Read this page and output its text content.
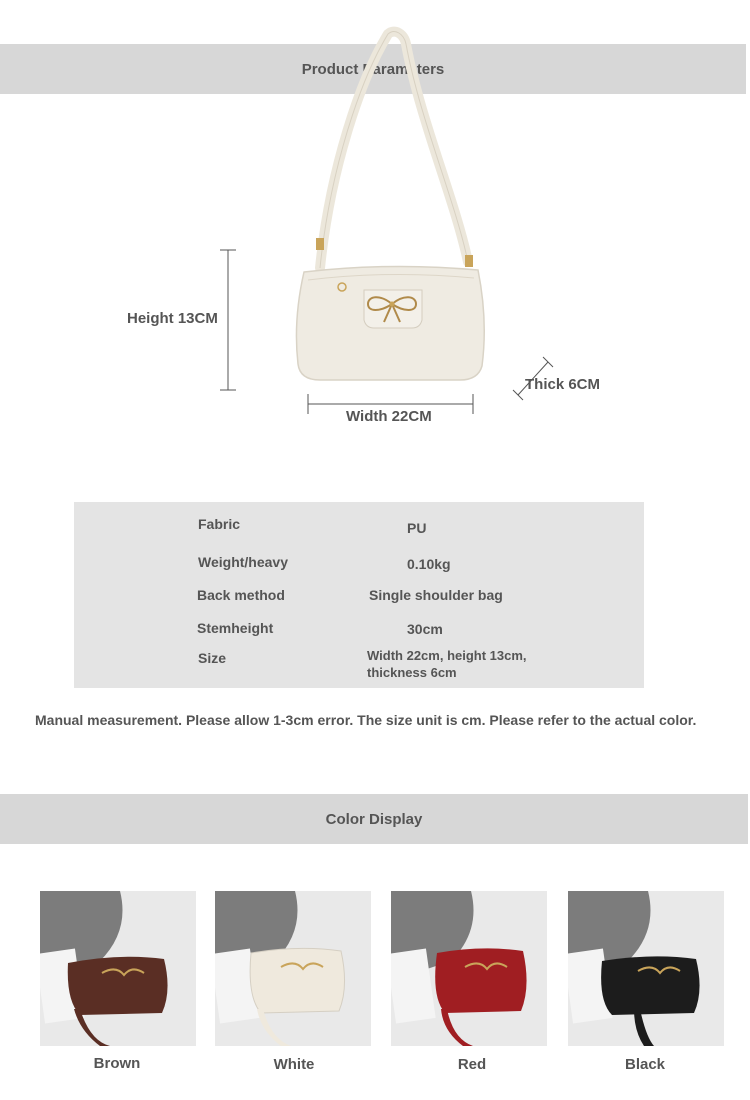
Product Parameters
Height 13CM
Width 22CM
Thick 6CM
Fabric	PU
Weight/heavy	0.10kg
Back method	Single shoulder bag
Stemheight	30cm
Size	Width 22cm, height 13cm,
thickness 6cm
Manual measurement. Please allow 1-3cm error. The size unit is cm. Please refer to the actual color.
Color Display
Brown	White	Red	Black
